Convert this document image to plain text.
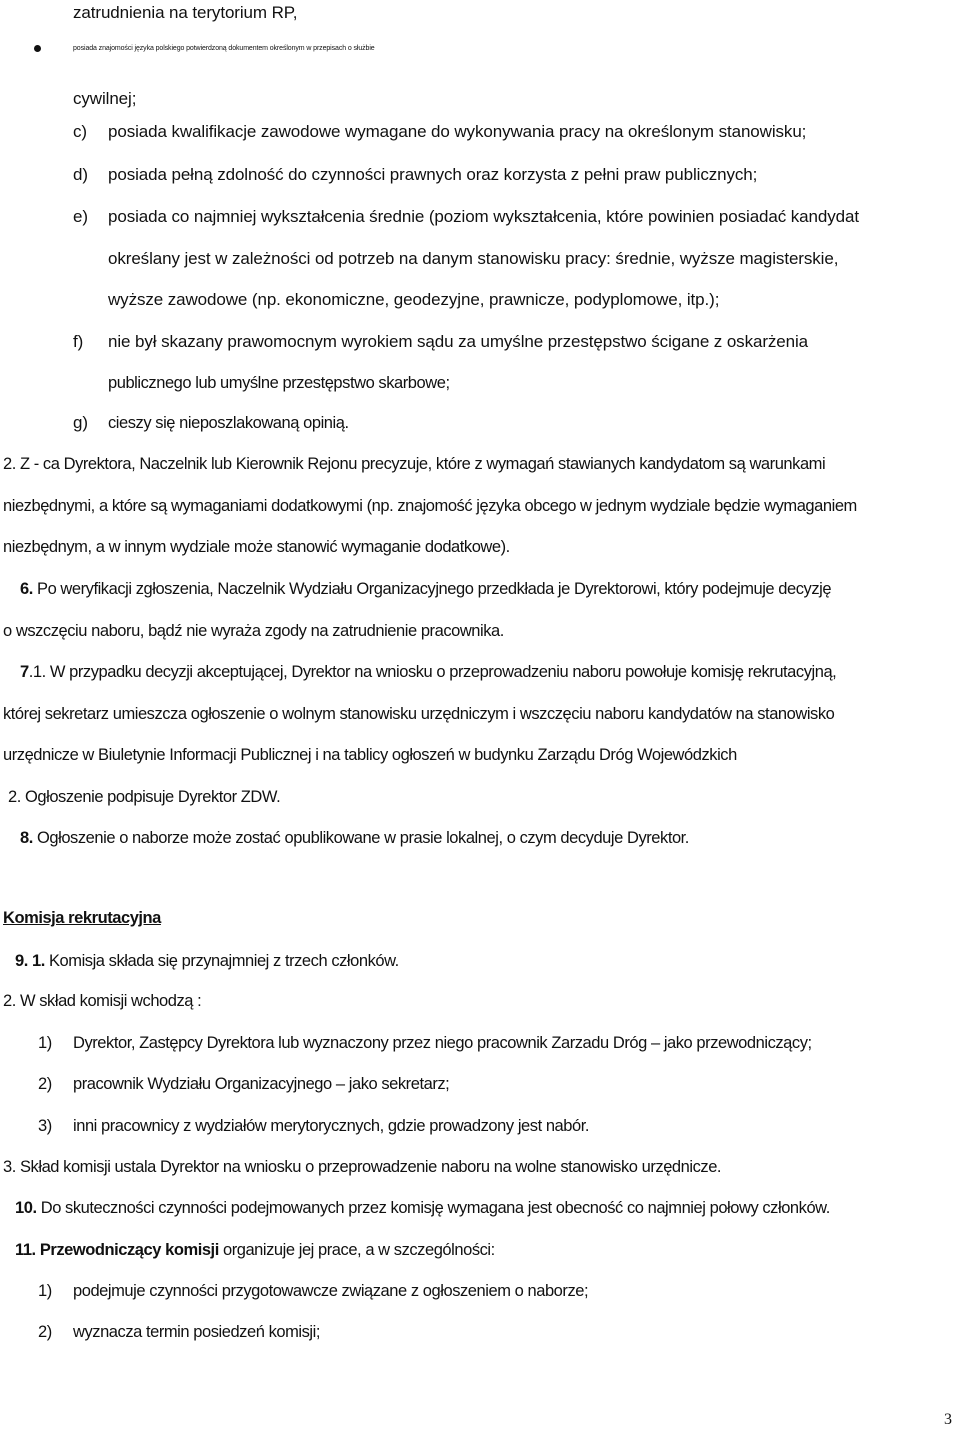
zatrudnienia na terytorium RP,
posiada znajomości języka polskiego potwierdzoną dokumentem określonym w przepisach o służbie
cywilnej;
c) posiada kwalifikacje zawodowe wymagane do wykonywania pracy na określonym stanowisku;
d) posiada pełną zdolność do czynności prawnych oraz korzysta z pełni praw publicznych;
e) posiada co najmniej wykształcenia średnie (poziom wykształcenia, które powinien posiadać kandydat
określany jest w zależności od potrzeb na danym stanowisku pracy: średnie, wyższe magisterskie,
wyższe zawodowe (np. ekonomiczne, geodezyjne, prawnicze, podyplomowe, itp.);
f) nie był skazany prawomocnym wyrokiem sądu za umyślne przestępstwo ścigane z oskarżenia
publicznego lub umyślne przestępstwo skarbowe;
g) cieszy się nieposzlakowaną opinią.
2. Z - ca Dyrektora, Naczelnik lub Kierownik Rejonu precyzuje, które z wymagań stawianych kandydatom są warunkami
niezbędnymi, a które są wymaganiami dodatkowymi (np. znajomość języka obcego w jednym wydziale będzie wymaganiem
niezbędnym, a w innym wydziale może stanowić wymaganie dodatkowe).
6. Po weryfikacji zgłoszenia, Naczelnik Wydziału Organizacyjnego przedkłada je Dyrektorowi, który podejmuje decyzję
o wszczęciu naboru, bądź nie wyraża zgody na zatrudnienie pracownika.
7.1. W przypadku decyzji akceptującej, Dyrektor na wniosku o przeprowadzeniu naboru powołuje komisję rekrutacyjną,
której sekretarz umieszcza ogłoszenie o wolnym stanowisku urzędniczym i wszczęciu naboru kandydatów na stanowisko
urzędnicze w Biuletynie Informacji Publicznej i na tablicy ogłoszeń w budynku Zarządu Dróg Wojewódzkich
2. Ogłoszenie podpisuje Dyrektor ZDW.
8. Ogłoszenie o naborze może zostać opublikowane w prasie lokalnej, o czym decyduje Dyrektor.
Komisja rekrutacyjna
9. 1. Komisja składa się przynajmniej z trzech członków.
2. W skład komisji wchodzą :
1) Dyrektor, Zastępcy Dyrektora lub wyznaczony przez niego pracownik Zarzadu Dróg – jako przewodniczący;
2) pracownik Wydziału Organizacyjnego – jako sekretarz;
3) inni pracownicy z wydziałów merytorycznych, gdzie prowadzony jest nabór.
3. Skład komisji ustala Dyrektor na wniosku o przeprowadzenie naboru na wolne stanowisko urzędnicze.
10. Do skuteczności czynności podejmowanych przez komisję wymagana jest obecność co najmniej połowy członków.
11. Przewodniczący komisji organizuje jej prace, a w szczególności:
1) podejmuje czynności przygotowawcze związane z ogłoszeniem o naborze;
2) wyznacza termin posiedzeń komisji;
3
